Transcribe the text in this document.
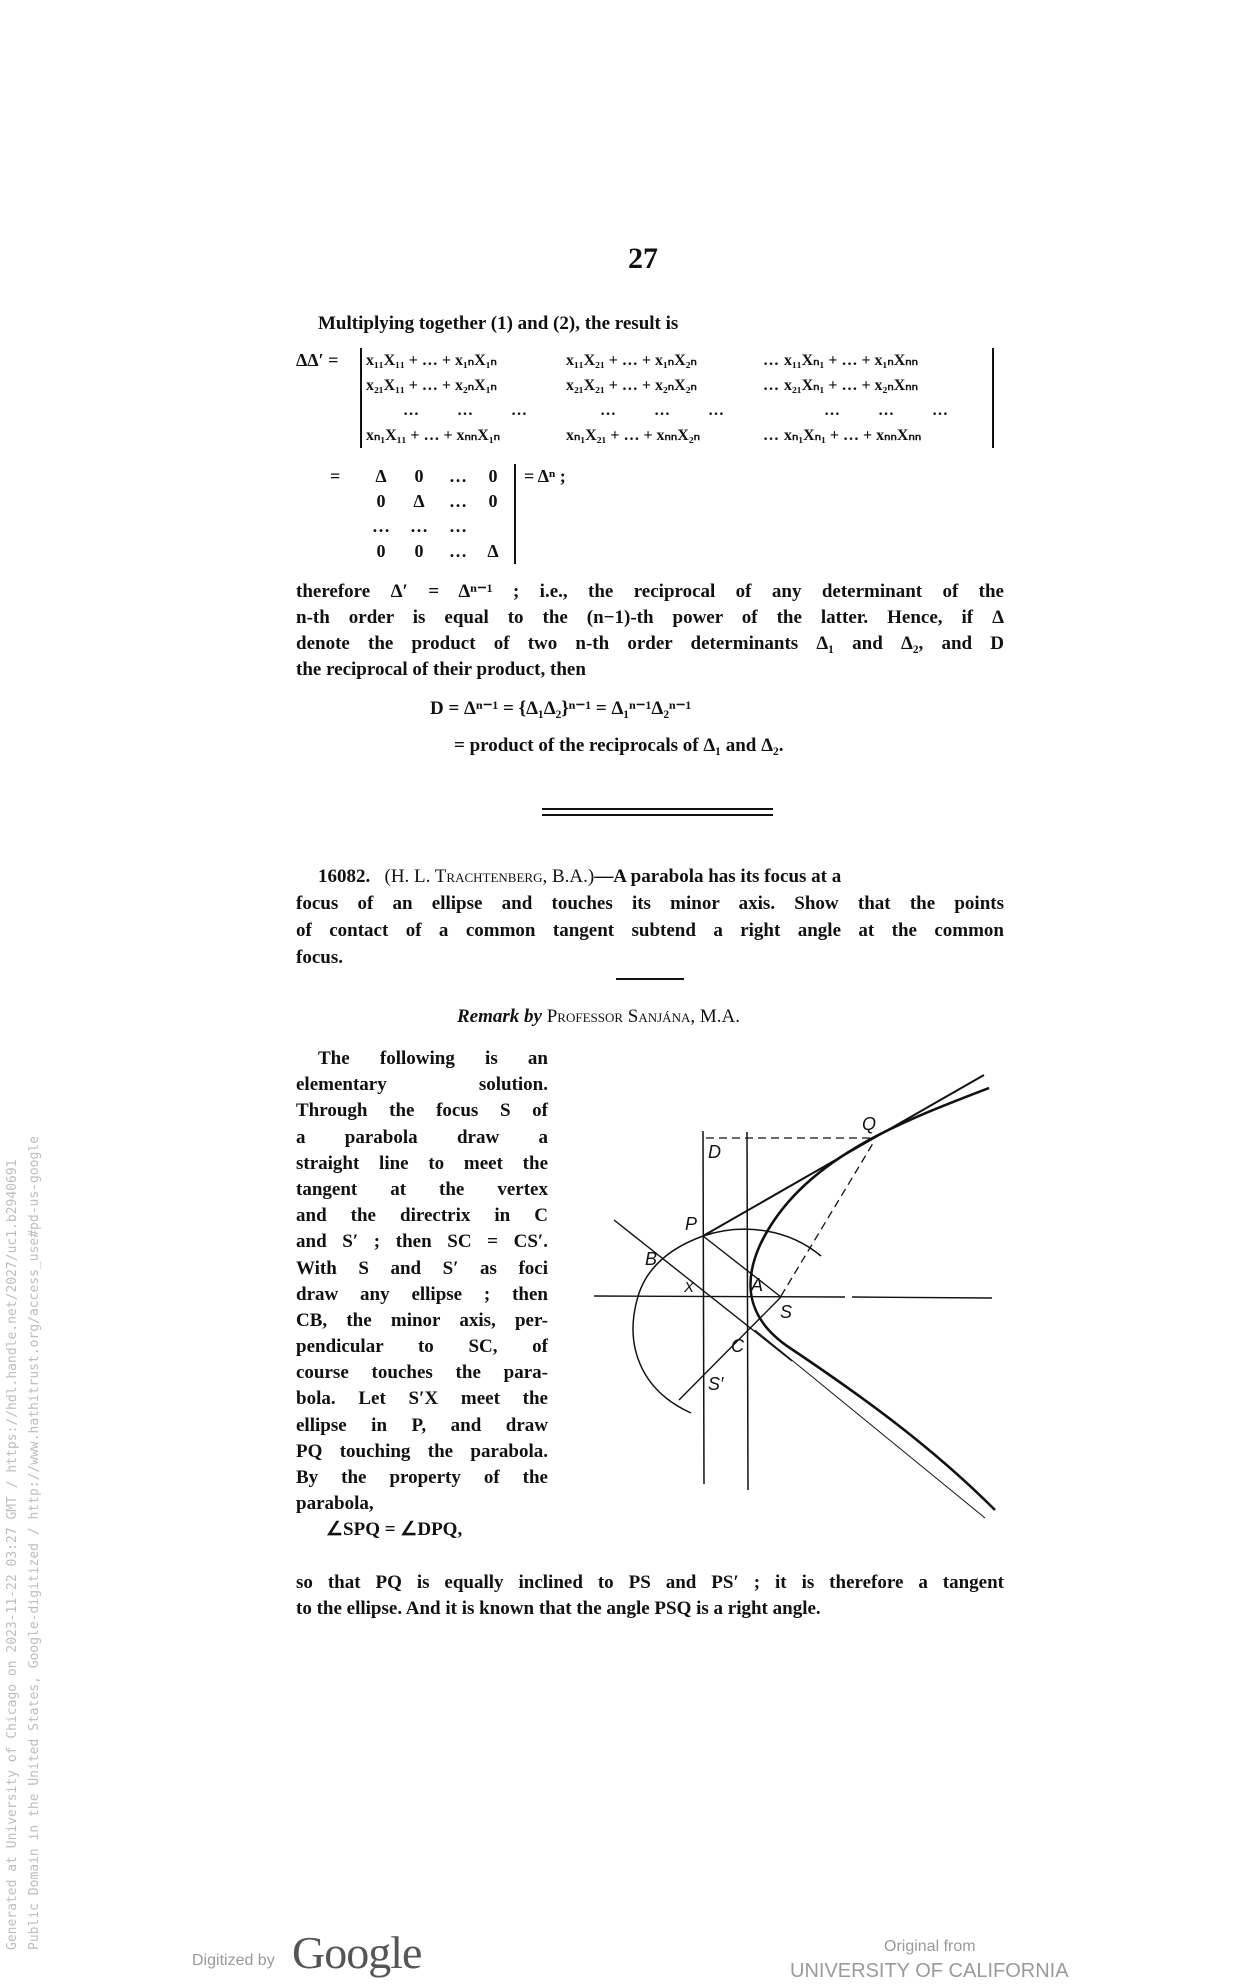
Generated at University of Chicago on 2023-11-22 03:27 GMT / https://hdl.handle.net/2027/uc1.b2940691 Public Domain in the United States, Google-digitized / http://www.hathitrust.org/access_use#pd-us-google
27
Multiplying together (1) and (2), the result is
ΔΔ′ =	x₁₁X₁₁ + … + x₁ₙX₁ₙ	x₁₁X₂₁ + … + x₁ₙX₂ₙ	… x₁₁Xₙ₁ + … + x₁ₙXₙₙ
x₂₁X₁₁ + … + x₂ₙX₁ₙ	x₂₁X₂₁ + … + x₂ₙX₂ₙ	… x₂₁Xₙ₁ + … + x₂ₙXₙₙ
… … …	… … …	… … …
xₙ₁X₁₁ + … + xₙₙX₁ₙ	xₙ₁X₂₁ + … + xₙₙX₂ₙ	… xₙ₁Xₙ₁ + … + xₙₙXₙₙ
=	Δ	0	…	0
0	Δ	…	0
…	…	…
0	0	…	Δ
= Δⁿ ;
therefore Δ′ = Δⁿ⁻¹ ; i.e., the reciprocal of any determinant of the
n-th order is equal to the (n−1)-th power of the latter. Hence, if Δ
denote the product of two n-th order determinants Δ₁ and Δ₂, and D
the reciprocal of their product, then
D = Δⁿ⁻¹ = {Δ₁Δ₂}ⁿ⁻¹ = Δ₁ⁿ⁻¹Δ₂ⁿ⁻¹
= product of the reciprocals of Δ₁ and Δ₂.
16082. (H. L. Trachtenberg, B.A.)—A parabola has its focus at a
focus of an ellipse and touches its minor axis. Show that the points
of contact of a common tangent subtend a right angle at the common
focus.
Remark by Professor Sanjána, M.A.
The following is an
elementary solution.
Through the focus S of
a parabola draw a
straight line to meet the
tangent at the vertex
and the directrix in C
and S′ ; then SC = CS′.
With S and S′ as foci
draw any ellipse ; then
CB, the minor axis, per-
pendicular to SC, of
course touches the para-
bola. Let S′X meet the
ellipse in P, and draw
PQ touching the parabola.
By the property of the
parabola,
∠SPQ = ∠DPQ,
D
Q
P
B
X	A
S
C
S′
so that PQ is equally inclined to PS and PS′ ; it is therefore a tangent
to the ellipse. And it is known that the angle PSQ is a right angle.
Digitized by Google	Original from
UNIVERSITY OF CALIFORNIA
